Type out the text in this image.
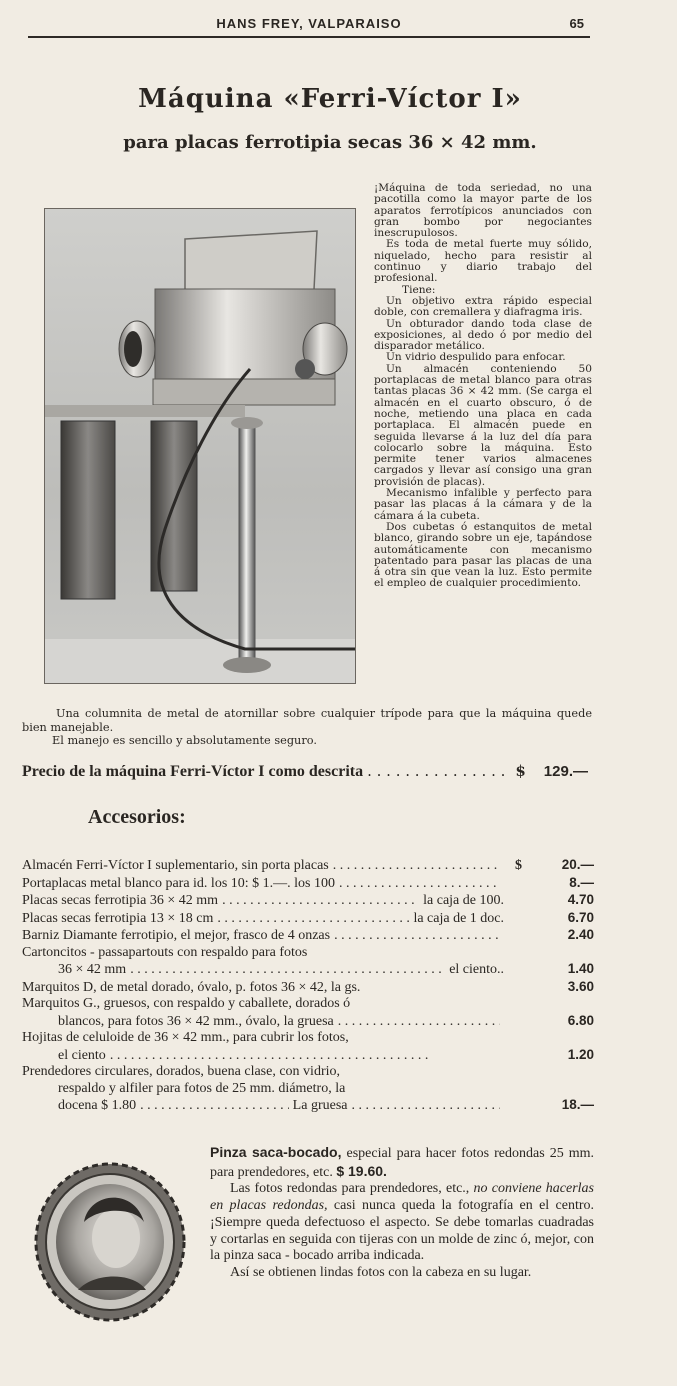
HANS FREY, VALPARAISO	65
Máquina «Ferri-Víctor I»
para placas ferrotipia secas 36 × 42 mm.

¡Máquina de toda seriedad, no una pacotilla como la mayor parte de los aparatos ferrotípicos anunciados con gran bombo por negociantes inescrupulosos.

Es toda de metal fuerte muy sólido, niquelado, hecho para resistir al continuo y diario trabajo del profesional.

Tiene:

Un objetivo extra rápido especial doble, con cremallera y diafragma iris.

Un obturador dando toda clase de exposiciones, al dedo ó por medio del disparador metálico.

Un vidrio despulido para enfocar.

Un almacén conteniendo 50 portaplacas de metal blanco para otras tantas placas 36 × 42 mm. (Se carga el almacén en el cuarto obscuro, ó de noche, metiendo una placa en cada portaplaca. El almacén puede en seguida llevarse á la luz del día para colocarlo sobre la máquina. Esto permite tener varios almacenes cargados y llevar así consigo una gran provisión de placas).

Mecanismo infalible y perfecto para pasar las placas á la cámara y de la cámara á la cubeta.

Dos cubetas ó estanquitos de metal blanco, girando sobre un eje, tapándose automáticamente con mecanismo patentado para pasar las placas de una á otra sin que vean la luz. Esto permite el empleo de cualquier procedimiento.

Una columnita de metal de atornillar sobre cualquier trípode para que la máquina quede bien manejable.

El manejo es sencillo y absolutamente seguro.

Precio de la máquina Ferri-Víctor I como descrita . . .	$ 129.—
Accesorios:
Almacén Ferri-Víctor I suplementario, sin porta placas . . .	$	20.—
Portaplacas metal blanco para id. los 10: $ 1.—. los 100 . . .	8.—
Placas secas ferrotipia 36 × 42 mm . . .	la caja de 100.	4.70
Placas secas ferrotipia 13 × 18 cm . . .	la caja de 1 doc.	6.70
Barniz Diamante ferrotipio, el mejor, frasco de 4 onzas . . .	2.40
Cartoncitos - passapartouts con respaldo para fotos
36 × 42 mm . . .	el ciento..	1.40
Marquitos D, de metal dorado, óvalo, p. fotos 36 × 42, la gs.	3.60
Marquitos G., gruesos, con respaldo y caballete, dorados ó
blancos, para fotos 36 × 42 mm., óvalo, la gruesa . . .	6.80
Hojitas de celuloide de 36 × 42 mm., para cubrir los fotos,
el ciento . . .	1.20
Prendedores circulares, dorados, buena clase, con vidrio,
respaldo y alfiler para fotos de 25 mm. diámetro, la
docena $ 1.80 . . .	La gruesa . . .	18.—

Pinza saca-bocado, especial para hacer fotos redondas 25 mm. para prendedores, etc. $ 19.60.

Las fotos redondas para prendedores, etc., no conviene hacerlas en placas redondas, casi nunca queda la fotografía en el centro. ¡Siempre queda defectuoso el aspecto. Se debe tomarlas cuadradas y cortarlas en seguida con tijeras con un molde de zinc ó, mejor, con la pinza saca - bocado arriba indicada.

Así se obtienen lindas fotos con la cabeza en su lugar.
